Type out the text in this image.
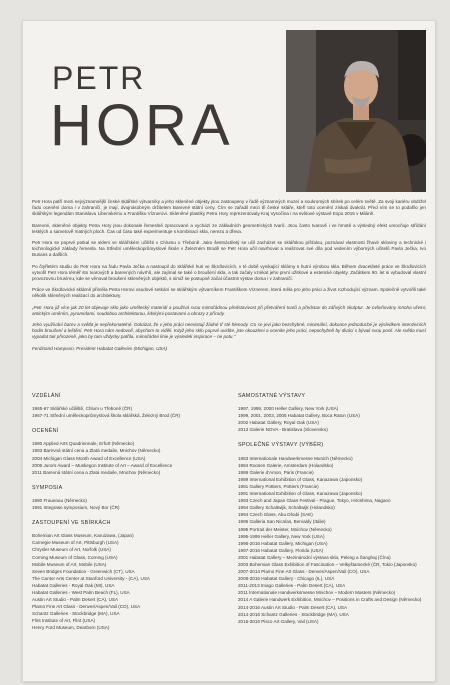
PETR
HORA

Petr Hora patří mezi nejvýznamnější české sklářské výtvarníky a jeho skleněné objekty jsou zastoupeny v řadě významných muzeí a soukromých sbírek po celém světě. Za svoji kariéru obdržel řadu ocenění doma i v zahraničí, je mají, dvojnásobným držitelem Barevné státní ceny. Čím se zařadil mezi tři české skláře, kteří toto ocenění získali dvakrát. Před ním se to podařilo jen sklářským legendám Stanislavu Libenskému a Františku Víznerovi. Skleněné plastiky Petra Hory reprezentovaly Kraj Vysočina i na světové výstavě Expo 2015 v Miláně.

Barevné, skleněné objekty Petra Hory jsou dokonale řemeslně zpracované a vychází ze základních geometrických tvarů. Jsou často tvarově i ve hmotě a výsledný efekt umocňuje střídání lesklých a sametově matných ploch. Čas od času také experimentuje s kombinací skla, nerezu a dřeva.

Petr Hora se poprvé potkal se sklem ve sklářském učilišti v Chlumu u Třeboně. Jako šestnáctiletý se učil zacházet se sklářskou píšťalou, poznával vlastnosti žhavé skloviny a technické i technologické základy řemesla. Na Střední uměleckoprůmyslové škole v Železném Brodě se Petr Hora učil navrhovat a realizovat své díla pod vedením výborných učitelů Pavla Ječka, Ivo Burians a dalších.

Po čtyřletém studiu do Petr Hora na řadu Pavla Ječka a nastoupil do sklářské huti ve Škrdlovicích, v té době vynikající sklárny s hutní výrobou skla. Během dvacetileté práce ve Škrdlovicích vytvořil Petr Hora téměř sto tvarových a barevných návrhů, ale zajímal se také o broušení skla, a tak začaly vznikat jeho první užitkové a estetické objekty. Začátkem 90. let si vybudoval vlastní provozovnu brusírnu, kde se věnoval broušení skleněných objektů, s nimiž se postupně začal účastnit výstav doma i v zahraničí.

Práce ve Škrdlovické sklárně přiměla Petra Horovi osudové setkání se sklářským výtvarníkem Františkem Víznerem, která měla pro jeho práci a život rozhodující význam. Společně vytvořili také několik skleněných realizací do architektury.

„Petr Hora již více jak 20 let objevuje sklo jako umělecký materiál a používá svou mimořádnou představivost při přetváření tvarů a představ do zářivých skulptur. Je ovlivňovány mnoha vlivmi; antickým uměním, pyramidami, soudobou architekturou, lidskými postavami a obrazy z přírody.

Jeho využívání barev a světla je nepřekonatelné. Dokázal, že v jeho práci neexistují žádné tř sté hlenody. Co se jevi jako bezchybné, minimální, dokonce jednoduché je výsledkem intenzivních hodin broušení a leštění. Petr Hora nám nedovolí, abychom to viděli. Když jeho sklo poprvé uvidíte, jste okouzleni a oceníte jeho práci, nepochybně by diváci s bývali svou posil. Ale světla musí vypadat tak přirozeně, jako by tam vždycky patřila, mimořádné linie je výsledek inspirace – ne potu."

Ferdinand Hampson, President Habatat Galleries (Michigan, USA)

VZDĚLÁNÍ
1965-67 Sklářské učiliště, Chlum u Třeboně (ČR)
1967-71 Střední uměleckoprůmyslová škola sklářská, Železný Brod (ČR)
OCENĚNÍ
1980 Applied Arts Quadriennale, Erfurt (Německo)
1983 Barevná státní cena a Zlatá medaile, Mnichov (Německo)
2004 Michigan Glass Month Award of Excellence (USA)
2006 Jurors Award – Muskegon Institute of Art – Award of Excellence
2011 Barevná státní cena a Zlatá medaile, Mnichov (Německo)
SYMPOSIA
1980 Frauenau (Německo)
1991 Integrase symposium, Nový Bor (ČR)
ZASTOUPENÍ VE SBÍRKÁCH
Bohemian Art Glass Museum, Karuizawa, (Japan)
Carnegie Museum of Art, Pittsburgh (USA)
Chrysler Museum of Art, Norfolk (USA)
Corning Museum of Glass, Corning (USA)
Mobile Museum of Art, Mobile (USA)
Seven Bridges Foundation - Greenwich (CT), USA
The Cantor Arts Center at Stanford University - (CA), USA
Habatat Galleries - Royal Oak (MI), USA
Habatat Galleries - West Palm Beach (FL), USA
Austin Art Studio - Palm Desert (CA), USA
Plamo Fine Art Glass - Denver/Aspen/Vail (CO), USA
Schantz Galleries - Stockbridge (MA), USA
Flint Institute of Art, Flint (USA)
Henry Ford Museum, Dearborn (USA)
SAMOSTATNÉ VÝSTAVY
1997, 1998, 2000 Heller Gallery, New York (USA)
1999, 2001, 2003, 2005 Habatat Gallery, Boca Raton (USA)
2002 Habatat Gallery, Royal Oak (USA)
2013 Galerie NOVA - Bratislava (Slovensko)
SPOLEČNÉ VÝSTAVY (VÝBĚR)
1983 Internationale Handwerkmesse Munich (Německo)
1984 Roosen Galerie, Amsterdam (Holandsko)
1986 Galerie d'Amon, Paris (Francie)
1989 International Exhibition of Glass, Kanazawa (Japonsko)
1991 Gallery Pottiers, Pottiers (Francie)
1991 International Exhibition of Glass, Kanazawa (Japonsko)
1993 Czech and Japan Glass Festival - Prague, Tokyo, Hiroshima, Nagano
1994 Gallery Schaltwijk, Schaltwijk (Holandsko)
1994 Czech Glass, Abu Dhabi (SAE)
1995 Galleria San Nicolas, Bervaldy (Itálie)
1995 Portrait der Meister, Mnichov (Německo)
1995-1999 Heller Gallery, New York (USA)
1996-2016 Habatat Gallery, Michigan (USA)
1997-2016 Habatat Gallery, Florida (USA)
2001 Habatat Gallery – Mezinárodní výstava skla, Peking a Šanghaj (Čína)
2003 Bohemian Glass Exhibition of Fascination – Velkyštamecké (ČR, Tokio (Japonsko)
2007-2014 Plamo Fine Art Glass - Denver/Aspen/Vail (CO), USA
2008-2016 Habatat Gallery - Chicago (IL), USA
2011-2013 Imago Galleries - Palm Desert (CA), USA
2011 Internationale Handwerksmesse Mnichov – Modern Masters (Německo)
2014 A Galerie Handwerk Exhibition, Mnichov – Positions in Crafts and Design (Německo)
2014-2016 Austin Art Studio - Palm Desert (CA), USA
2014-2016 Schantz Galleries - Stockbridge (MA), USA
2015-2016 Pisco Art Gallery, Vail (USA)
